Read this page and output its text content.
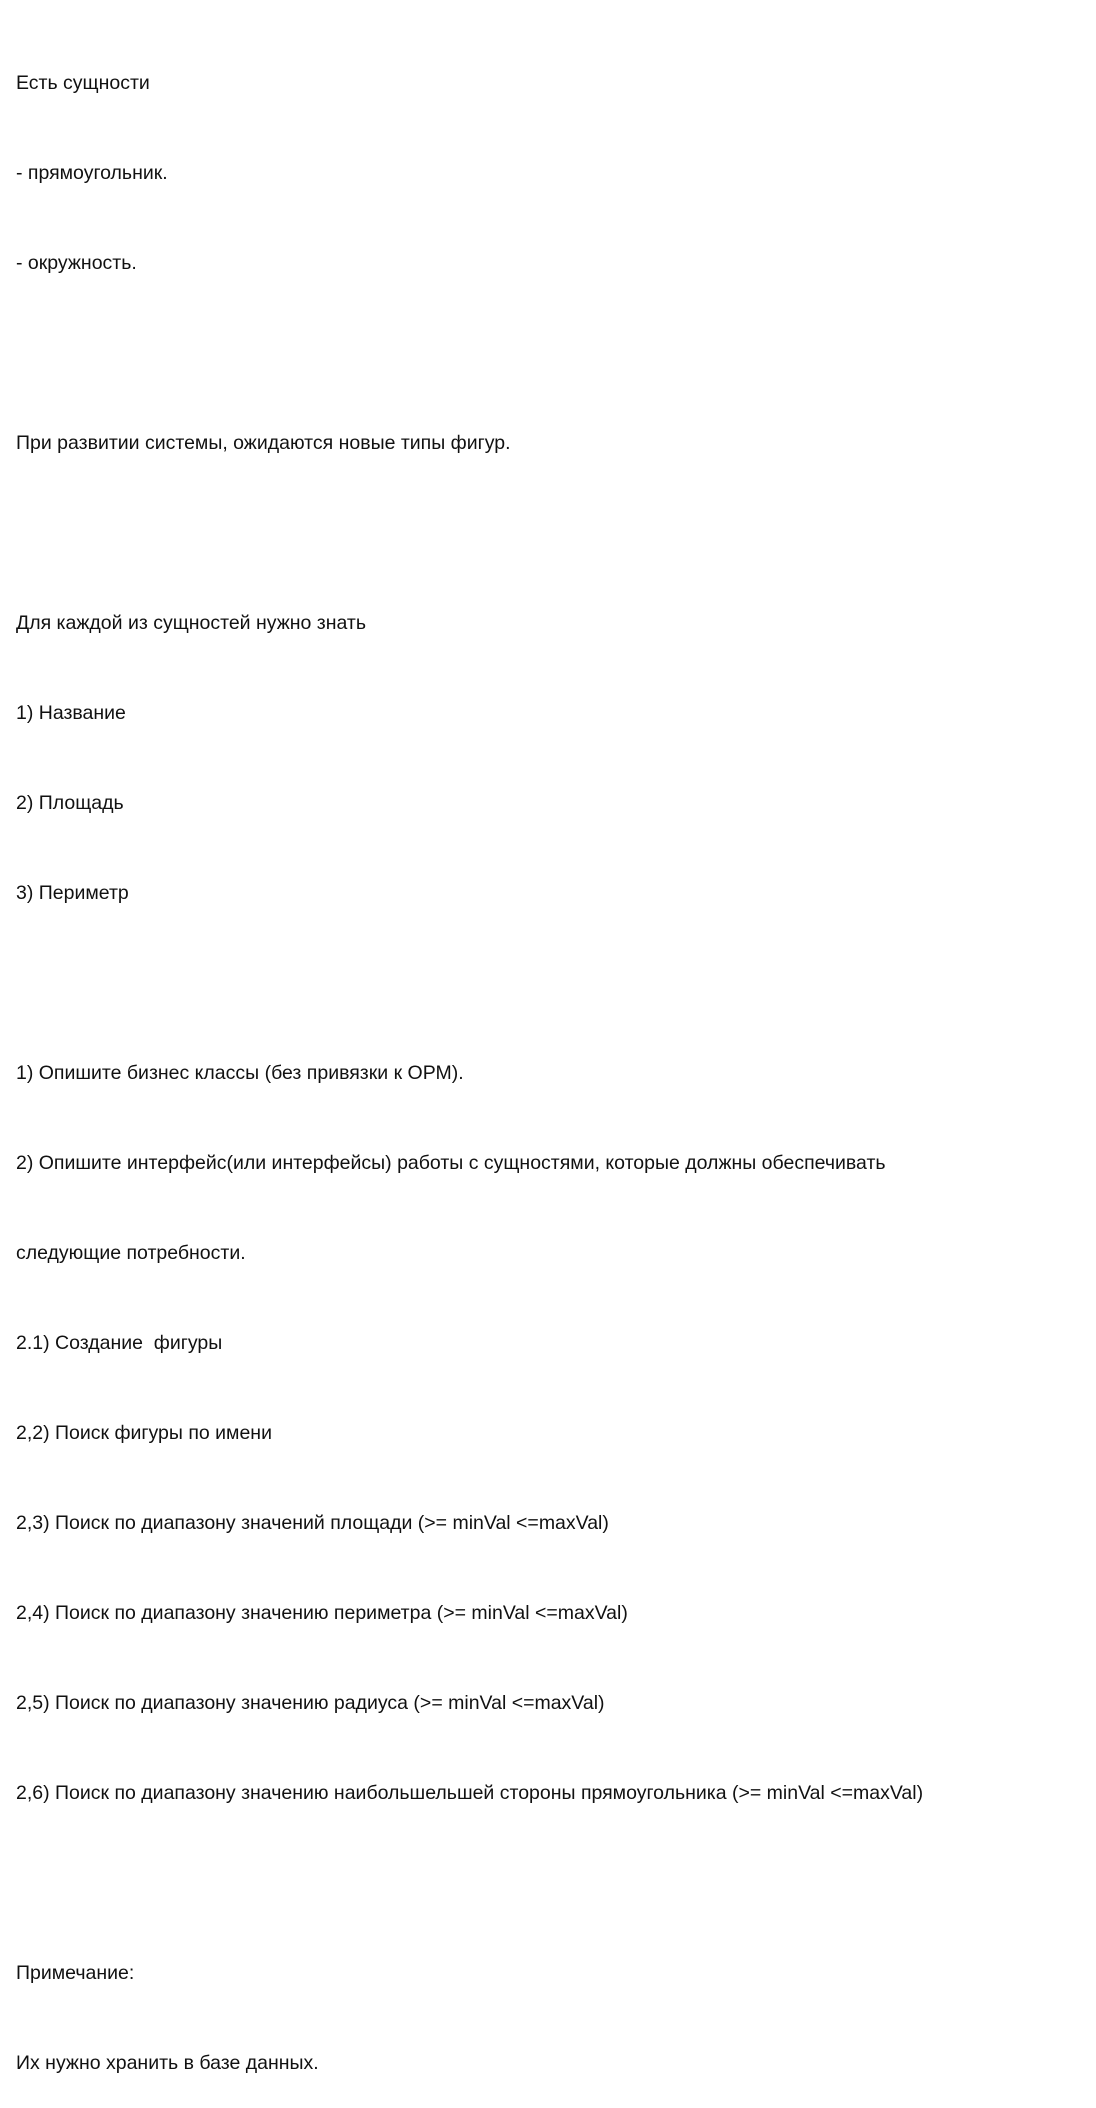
Есть сущности

- прямоугольник.

- окружность.

При развитии системы, ожидаются новые типы фигур.

Для каждой из сущностей нужно знать

1) Название

2) Площадь

3) Периметр

1) Опишите бизнес классы (без привязки к ОРМ).

2) Опишите интерфейс(или интерфейсы) работы с сущностями, которые должны обеспечивать

следующие потребности.

2.1) Создание  фигуры

2,2) Поиск фигуры по имени

2,3) Поиск по диапазону значений площади (>= minVal <=maxVal)

2,4) Поиск по диапазону значению периметра (>= minVal <=maxVal)

2,5) Поиск по диапазону значению радиуса (>= minVal <=maxVal)

2,6) Поиск по диапазону значению наибольшельшей стороны прямоугольника (>= minVal <=maxVal)

Примечание:

Их нужно хранить в базе данных.
